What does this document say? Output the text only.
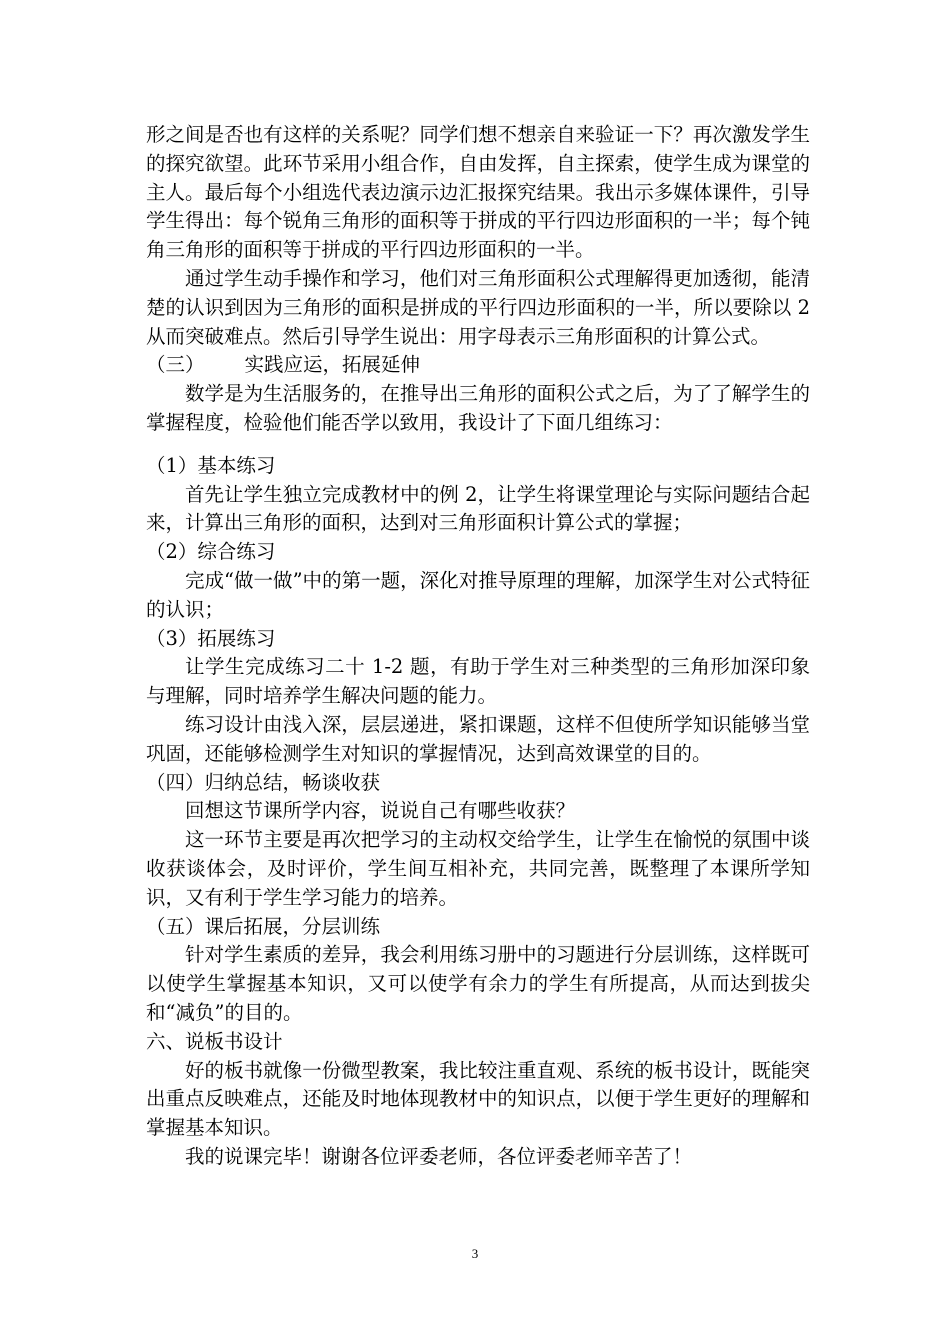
形之间是否也有这样的关系呢？同学们想不想亲自来验证一下？再次激发学生的探究欲望。此环节采用小组合作，自由发挥，自主探索，使学生成为课堂的主人。最后每个小组选代表边演示边汇报探究结果。我出示多媒体课件，引导学生得出：每个锐角三角形的面积等于拼成的平行四边形面积的一半；每个钝角三角形的面积等于拼成的平行四边形面积的一半。

通过学生动手操作和学习，他们对三角形面积公式理解得更加透彻，能清楚的认识到因为三角形的面积是拼成的平行四边形面积的一半，所以要除以 2 从而突破难点。然后引导学生说出：用字母表示三角形面积的计算公式。

（三） 实践应运，拓展延伸

数学是为生活服务的，在推导出三角形的面积公式之后，为了了解学生的掌握程度，检验他们能否学以致用，我设计了下面几组练习：

（1）基本练习

首先让学生独立完成教材中的例 2，让学生将课堂理论与实际问题结合起来，计算出三角形的面积，达到对三角形面积计算公式的掌握；

（2）综合练习

完成“做一做”中的第一题，深化对推导原理的理解，加深学生对公式特征的认识；

（3）拓展练习

让学生完成练习二十 1-2 题，有助于学生对三种类型的三角形加深印象与理解，同时培养学生解决问题的能力。

练习设计由浅入深，层层递进，紧扣课题，这样不但使所学知识能够当堂巩固，还能够检测学生对知识的掌握情况，达到高效课堂的目的。

（四）归纳总结，畅谈收获

回想这节课所学内容，说说自己有哪些收获？

这一环节主要是再次把学习的主动权交给学生，让学生在愉悦的氛围中谈收获谈体会，及时评价，学生间互相补充，共同完善，既整理了本课所学知识，又有利于学生学习能力的培养。

（五）课后拓展，分层训练

针对学生素质的差异，我会利用练习册中的习题进行分层训练，这样既可以使学生掌握基本知识，又可以使学有余力的学生有所提高，从而达到拔尖和“减负”的目的。

六、说板书设计

好的板书就像一份微型教案，我比较注重直观、系统的板书设计，既能突出重点反映难点，还能及时地体现教材中的知识点，以便于学生更好的理解和掌握基本知识。

我的说课完毕！谢谢各位评委老师，各位评委老师辛苦了！

3
